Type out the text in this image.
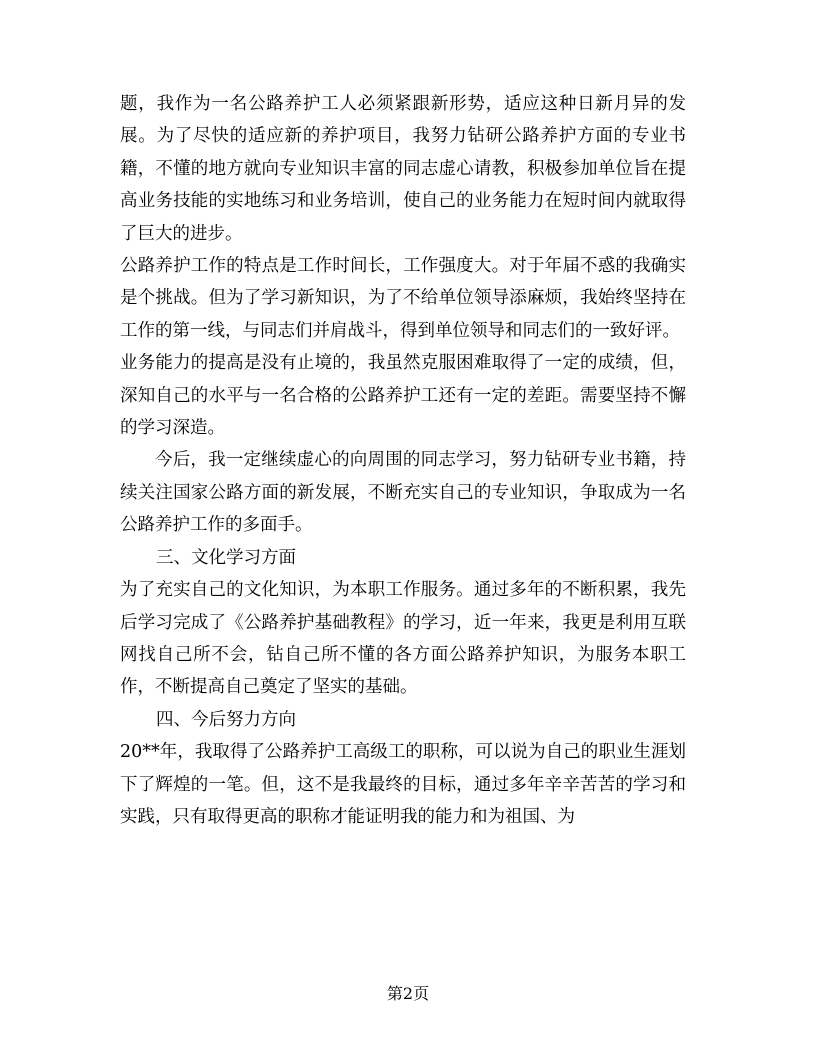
题，我作为一名公路养护工人必须紧跟新形势，适应这种日新月异的发展。为了尽快的适应新的养护项目，我努力钻研公路养护方面的专业书籍，不懂的地方就向专业知识丰富的同志虚心请教，积极参加单位旨在提高业务技能的实地练习和业务培训，使自己的业务能力在短时间内就取得了巨大的进步。

公路养护工作的特点是工作时间长，工作强度大。对于年届不惑的我确实是个挑战。但为了学习新知识，为了不给单位领导添麻烦，我始终坚持在工作的第一线，与同志们并肩战斗，得到单位领导和同志们的一致好评。

业务能力的提高是没有止境的，我虽然克服困难取得了一定的成绩，但，深知自己的水平与一名合格的公路养护工还有一定的差距。需要坚持不懈的学习深造。

今后，我一定继续虚心的向周围的同志学习，努力钻研专业书籍，持续关注国家公路方面的新发展，不断充实自己的专业知识，争取成为一名公路养护工作的多面手。

三、文化学习方面

为了充实自己的文化知识，为本职工作服务。通过多年的不断积累，我先后学习完成了《公路养护基础教程》的学习，近一年来，我更是利用互联网找自己所不会，钻自己所不懂的各方面公路养护知识，为服务本职工作，不断提高自己奠定了坚实的基础。

四、今后努力方向

20**年，我取得了公路养护工高级工的职称，可以说为自己的职业生涯划下了辉煌的一笔。但，这不是我最终的目标，通过多年辛辛苦苦的学习和实践，只有取得更高的职称才能证明我的能力和为祖国、为

第2页
